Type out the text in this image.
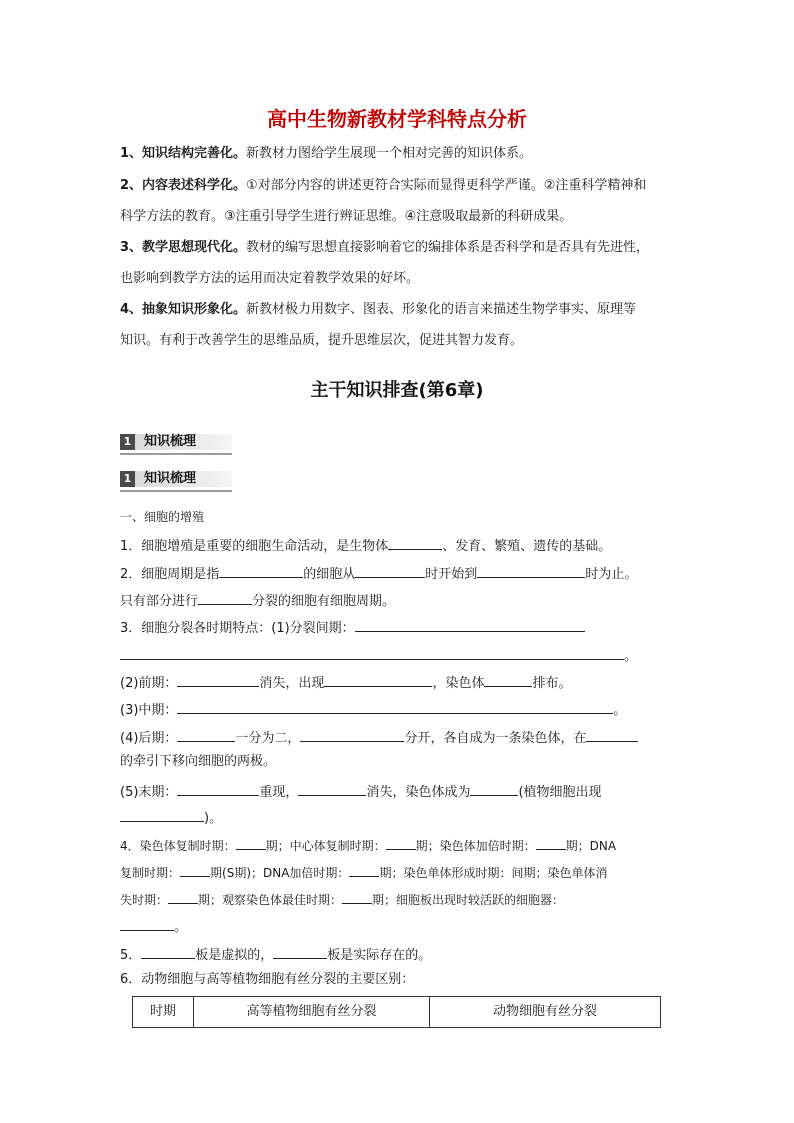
高中生物新教材学科特点分析
1、知识结构完善化。新教材力图给学生展现一个相对完善的知识体系。
2、内容表述科学化。①对部分内容的讲述更符合实际而显得更科学严谨。②注重科学精神和
科学方法的教育。③注重引导学生进行辨证思维。④注意吸取最新的科研成果。
3、教学思想现代化。教材的编写思想直接影响着它的编排体系是否科学和是否具有先进性，
也影响到教学方法的运用而决定着教学效果的好坏。
4、抽象知识形象化。新教材极力用数字、图表、形象化的语言来描述生物学事实、原理等
知识。有利于改善学生的思维品质，提升思维层次，促进其智力发育。
主干知识排查(第6章)
1 知识梳理
1 知识梳理
一、细胞的增殖
1．细胞增殖是重要的细胞生命活动，是生物体	、发育、繁殖、遗传的基础。
2．细胞周期是指	的细胞从	时开始到	时为止。
只有部分进行	分裂的细胞有细胞周期。
3．细胞分裂各时期特点：(1)分裂间期：
。
(2)前期：	消失，出现	，染色体	排布。
(3)中期：	。
(4)后期：	一分为二，	分开，各自成为一条染色体，在
的牵引下移向细胞的两极。
(5)末期：	重现，	消失，染色体成为	(植物细胞出现
)。
4．染色体复制时期：	期；中心体复制时期：	期；染色体加倍时期：	期；DNA
复制时期：	期(S期)；DNA加倍时期：	期；染色单体形成时期：间期；染色单体消
失时期：	期；观察染色体最佳时期：	期；细胞板出现时较活跃的细胞器：
。
5．	板是虚拟的，	板是实际存在的。
6．动物细胞与高等植物细胞有丝分裂的主要区别：
时期	高等植物细胞有丝分裂	动物细胞有丝分裂
